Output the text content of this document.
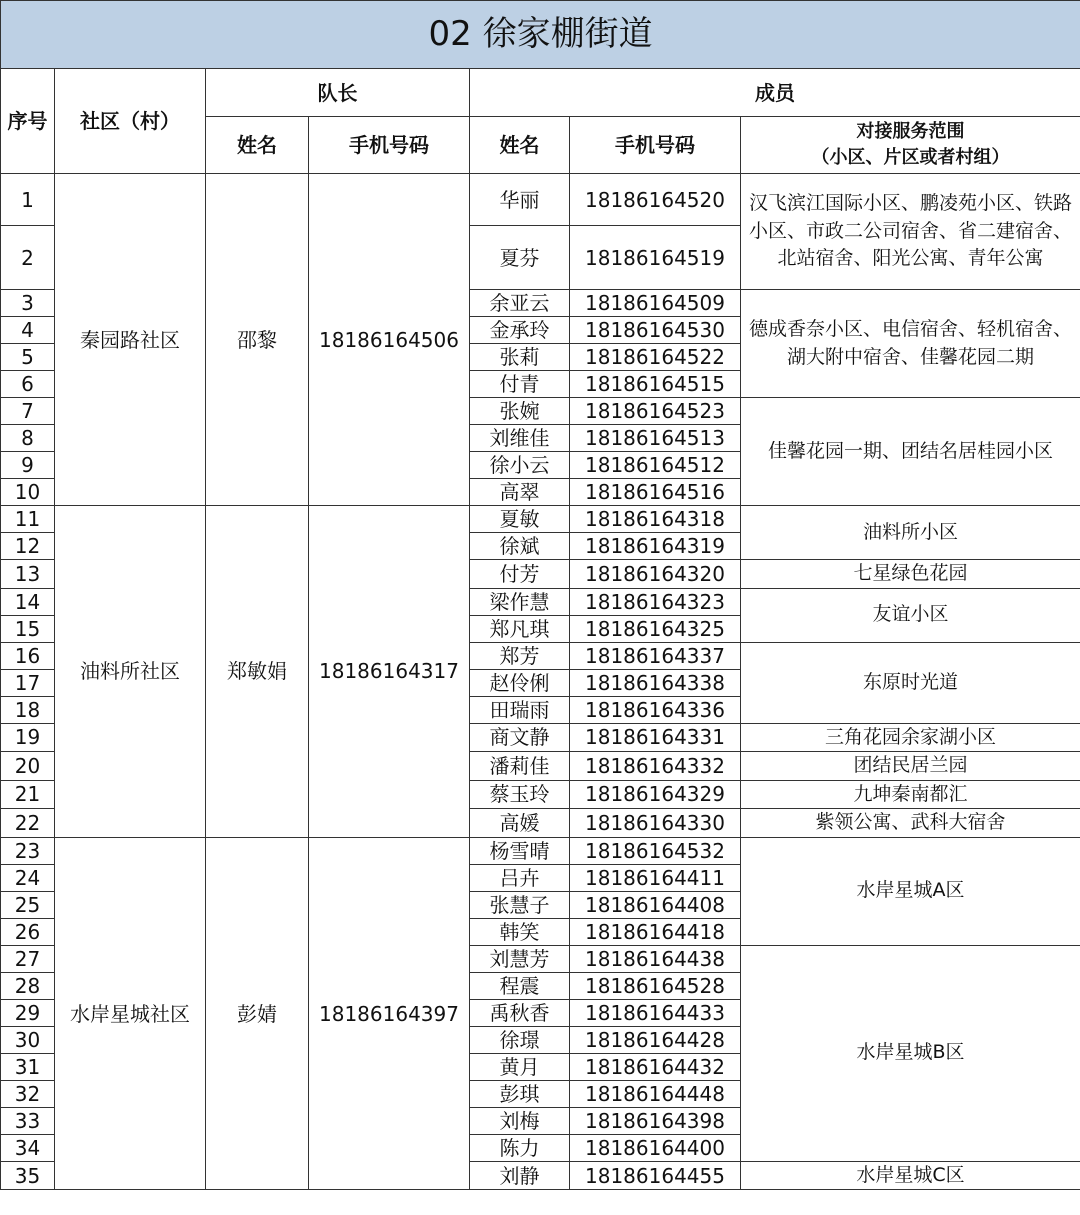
02 徐家棚街道						
序号	社区（村）	队长		成员		
		姓名	手机号码	姓名	手机号码	对接服务范围
（小区、片区或者村组）

1	秦园路社区	邵黎	18186164506	华丽	18186164520	汉飞滨江国际小区、鹏凌苑小区、铁路小区、市政二公司宿舍、省二建宿舍、北站宿舍、阳光公寓、青年公寓
2				夏芬	18186164519	
3				余亚云	18186164509	德成香奈小区、电信宿舍、轻机宿舍、湖大附中宿舍、佳馨花园二期
4				金承玲	18186164530	
5				张莉	18186164522	
6				付青	18186164515	
7				张婉	18186164523	佳馨花园一期、团结名居桂园小区
8				刘维佳	18186164513	
9				徐小云	18186164512	
10				高翠	18186164516	
11	油料所社区	郑敏娟	18186164317	夏敏	18186164318	油料所小区
12				徐斌	18186164319	
13				付芳	18186164320	七星绿色花园
14				梁作慧	18186164323	友谊小区
15				郑凡琪	18186164325	
16				郑芳	18186164337	东原时光道
17				赵伶俐	18186164338	
18				田瑞雨	18186164336	
19				商文静	18186164331	三角花园余家湖小区
20				潘莉佳	18186164332	团结民居兰园
21				蔡玉玲	18186164329	九坤秦南都汇
22				高媛	18186164330	紫领公寓、武科大宿舍
23	水岸星城社区	彭婧	18186164397	杨雪晴	18186164532	水岸星城A区
24				吕卉	18186164411	
25				张慧子	18186164408	
26				韩笑	18186164418	
27				刘慧芳	18186164438	水岸星城B区
28				程震	18186164528	
29				禹秋香	18186164433	
30				徐璟	18186164428	
31				黄月	18186164432	
32				彭琪	18186164448	
33				刘梅	18186164398	
34				陈力	18186164400	
35				刘静	18186164455	水岸星城C区
